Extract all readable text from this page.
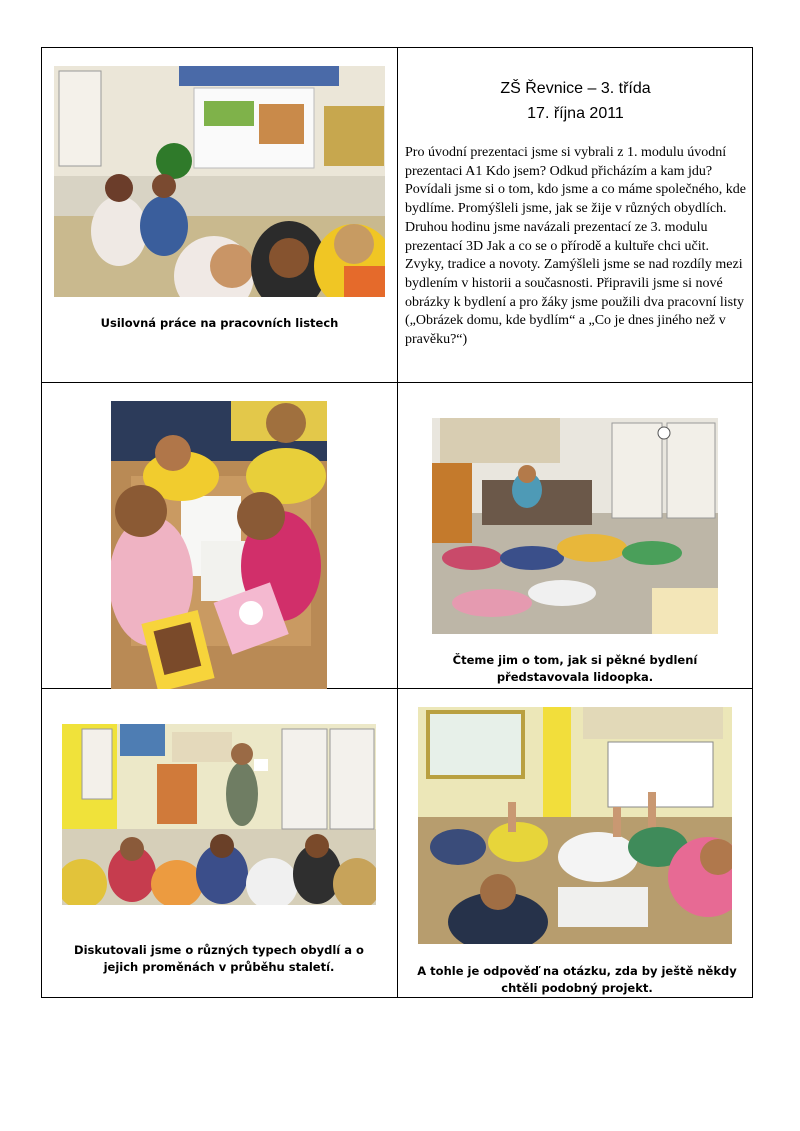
Usilovná práce na pracovních listech
ZŠ Řevnice – 3. třída
17. října 2011

Pro úvodní prezentaci jsme si vybrali z 1. modulu úvodní prezentaci A1 Kdo jsem? Odkud přicházím a kam jdu? Povídali jsme si o tom, kdo jsme a co máme společného, kde bydlíme. Promýšleli jsme, jak se žije v různých obydlích.

Druhou hodinu jsme navázali prezentací ze 3. modulu prezentací 3D Jak a co se o přírodě a kultuře chci učit. Zvyky, tradice a novoty. Zamýšleli jsme se nad rozdíly mezi bydlením v historii a současnosti. Připravili jsme si nové obrázky k bydlení a pro žáky jsme použili dva pracovní listy („Obrázek domu, kde bydlím“ a „Co je dnes jiného než v pravěku?“)

Čteme jim o tom, jak si pěkné bydlení představovala lidoopka.
Diskutovali jsme o různých typech obydlí a o jejich proměnách v průběhu staletí.	A tohle je odpověď na otázku, zda by ještě někdy chtěli podobný projekt.
